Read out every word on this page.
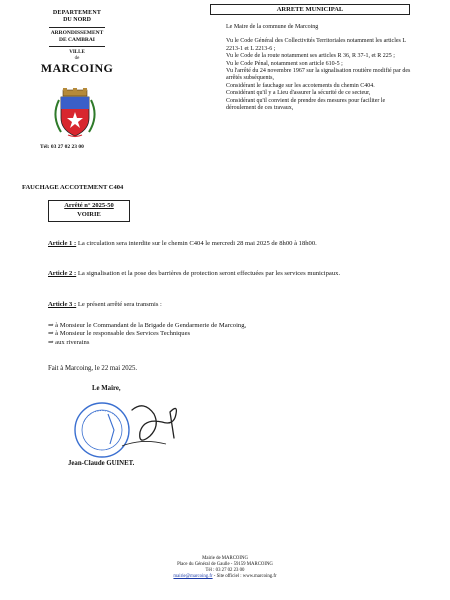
DEPARTEMENT
DU NORD
ARRONDISSEMENT
DE CAMBRAI
VILLE
de
MARCOING
Tél: 03 27 02 23 00
ARRETE MUNICIPAL
Le Maire de la commune de Marcoing

Vu le Code Général des Collectivités Territoriales notamment les articles L 2213-1 et L 2213-6 ;

Vu le Code de la route notamment ses articles R 36, R 37-1, et R 225 ;

Vu le Code Pénal, notamment son article 610-5 ;

Vu l'arrêté du 24 novembre 1967 sur la signalisation routière modifié par des arrêtés subséquents,

Considérant le fauchage sur les accotements du chemin C404.

Considérant qu'il y a Lieu d'assurer la sécurité de ce secteur,

Considérant qu'il convient de prendre des mesures pour faciliter le déroulement de ces travaux,

FAUCHAGE ACCOTEMENT C404
Arrêté n° 2025-50
VOIRIE
Article 1 : La circulation sera interdite sur le chemin C404 le mercredi 28 mai 2025 de 8h00 à 18h00.
Article 2 : La signalisation et la pose des barrières de protection seront effectuées par les services municipaux.
Article 3 : Le présent arrêté sera transmis :
⇒ à Monsieur le Commandant de la Brigade de Gendarmerie de Marcoing,
⇒ à Monsieur le responsable des Services Techniques
⇒ aux riverains
Fait à Marcoing, le 22 mai 2025.
Le Maire,
Jean-Claude GUINET.
Mairie de MARCOING
Place du Général de Gaulle - 59159 MARCOING
Tél : 03 27 02 23 00
mairie@marcoing.fr - Site officiel : www.marcoing.fr
